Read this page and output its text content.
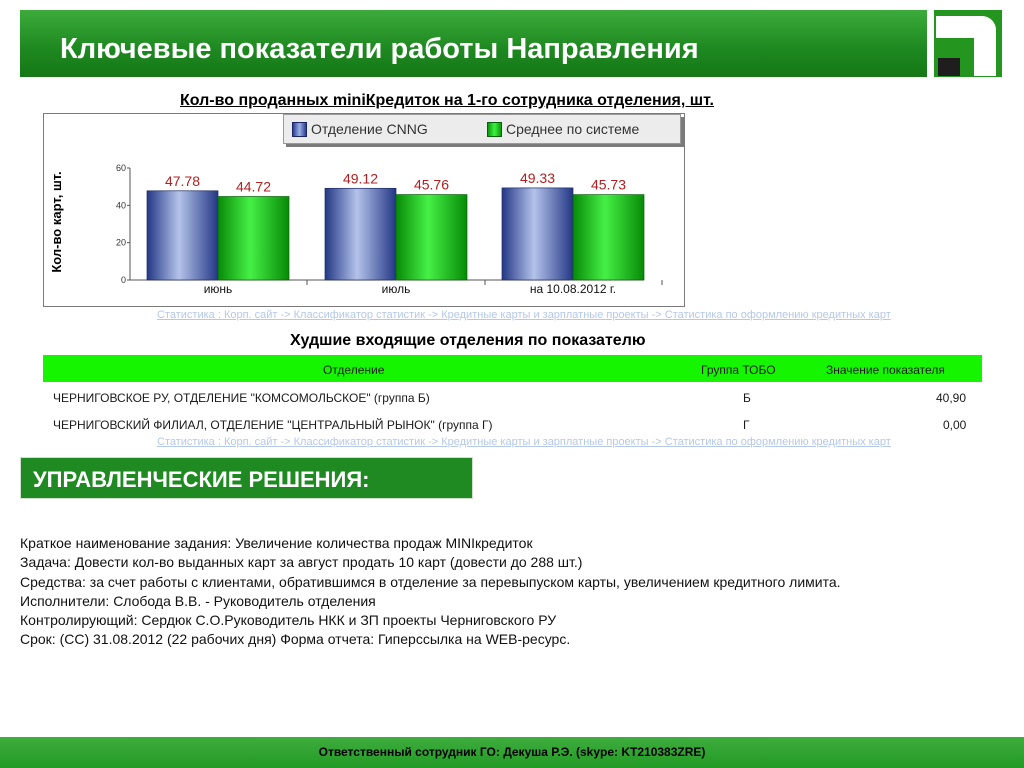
Ключевые показатели работы Направления
Кол-во проданных miniКредиток на 1-го сотрудника отделения, шт.
Кол-во карт, шт.
0
20
40
60
47.78	44.72
июнь
49.12	45.76
июль
49.33	45.73
на 10.08.2012 г.
Отделение CNNG	Среднее по системе
Статистика : Корп. сайт -> Классификатор статистик -> Кредитные карты и зарплатные проекты -> Статистика по оформлению кредитных карт
Худшие входящие отделения по показателю
Отделение	Группа ТОБО	Значение показателя
ЧЕРНИГОВСКОЕ РУ, ОТДЕЛЕНИЕ "КОМСОМОЛЬСКОЕ" (группа Б)	Б	40,90
ЧЕРНИГОВСКИЙ ФИЛИАЛ, ОТДЕЛЕНИЕ "ЦЕНТРАЛЬНЫЙ РЫНОК" (группа Г)	Г	0,00
Статистика : Корп. сайт -> Классификатор статистик -> Кредитные карты и зарплатные проекты -> Статистика по оформлению кредитных карт
УПРАВЛЕНЧЕСКИЕ РЕШЕНИЯ:
Краткое наименование задания: Увеличение количества продаж MINIкредиток
Задача: Довести кол-во выданных карт за август продать 10 карт (довести до 288 шт.)
Средства: за счет работы с клиентами, обратившимся в отделение за перевыпуском карты, увеличением кредитного лимита.
Исполнители: Слобода В.В. - Руководитель отделения
Контролирующий: Сердюк С.О.Руководитель НКК и ЗП проекты Черниговского РУ
Срок: (СС) 31.08.2012 (22 рабочих дня) Форма отчета: Гиперссылка на WEB-ресурс.
Ответственный сотрудник ГО: Декуша Р.Э. (skype: KT210383ZRE)
